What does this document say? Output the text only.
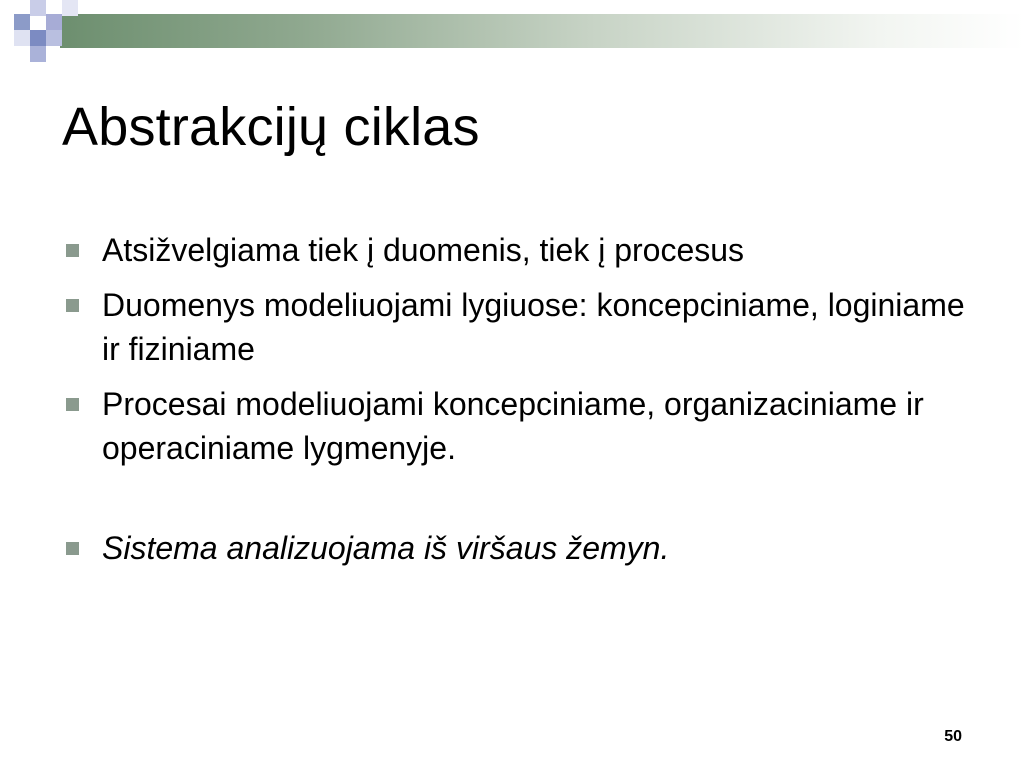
Abstrakcijų ciklas
Atsižvelgiama tiek į duomenis, tiek į procesus
Duomenys modeliuojami lygiuose: koncepciniame, loginiame ir fiziniame
Procesai modeliuojami koncepciniame, organizaciniame ir operaciniame lygmenyje.
Sistema analizuojama iš viršaus žemyn.
50
